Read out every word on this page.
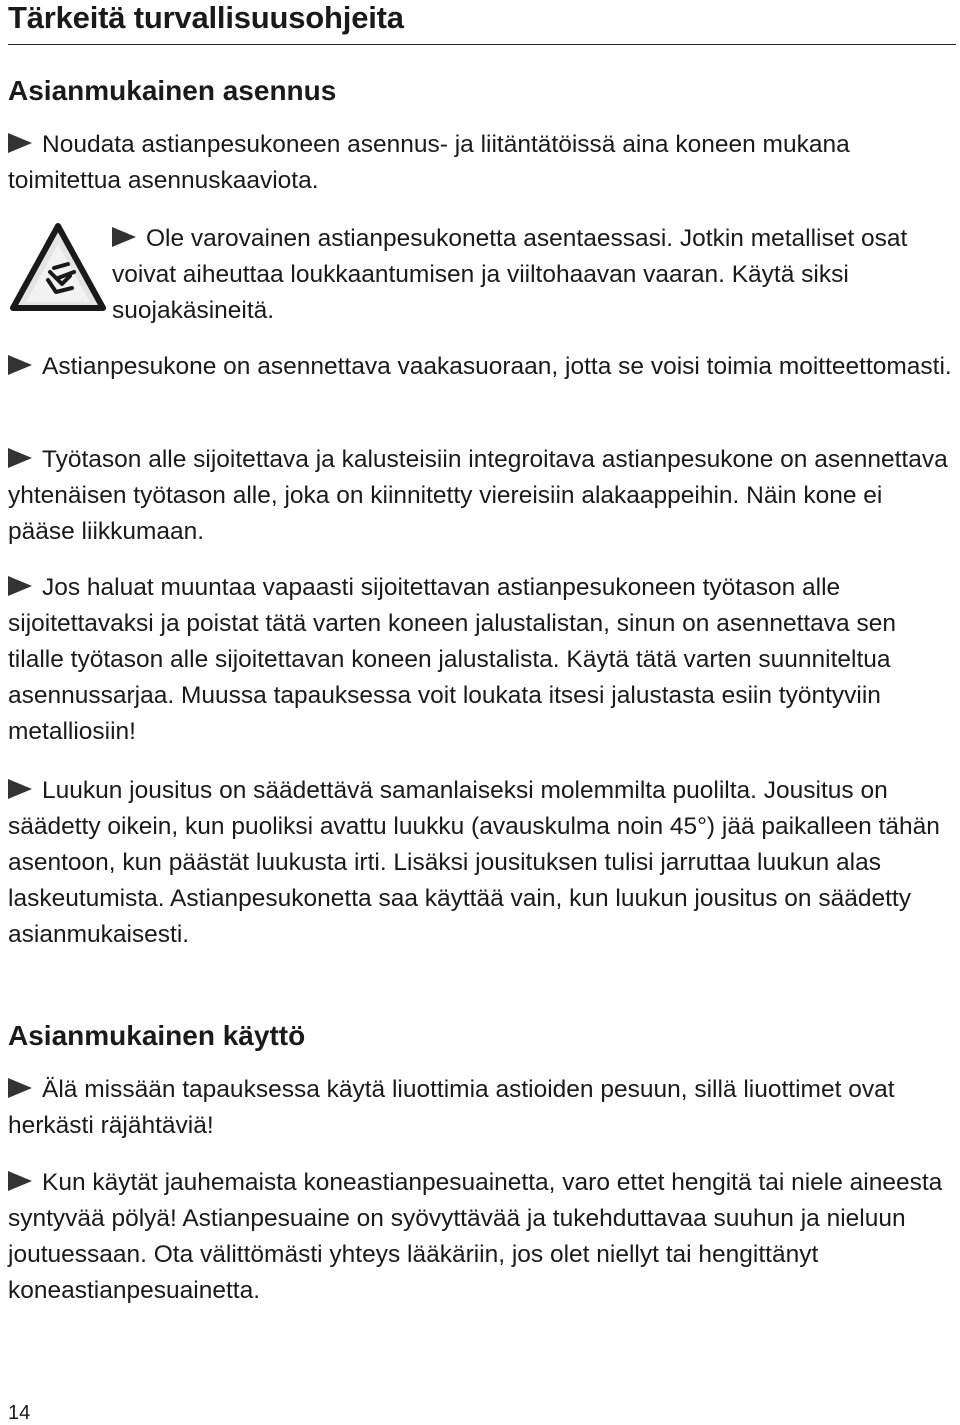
Tärkeitä turvallisuusohjeita
Asianmukainen asennus

Noudata astianpesukoneen asennus- ja liitäntätöissä aina koneen mukana toimitettua asennuskaaviota.

Ole varovainen astianpesukonetta asentaessasi. Jotkin metalliset osat voivat aiheuttaa loukkaantumisen ja viiltohaavan vaaran. Käytä siksi suojakäsineitä.

Astianpesukone on asennettava vaakasuoraan, jotta se voisi toimia moitteettomasti.

Työtason alle sijoitettava ja kalusteisiin integroitava astianpesukone on asennettava yhtenäisen työtason alle, joka on kiinnitetty viereisiin alakaappeihin. Näin kone ei pääse liikkumaan.

Jos haluat muuntaa vapaasti sijoitettavan astianpesukoneen työtason alle sijoitettavaksi ja poistat tätä varten koneen jalustalistan, sinun on asennettava sen tilalle työtason alle sijoitettavan koneen jalustalista. Käytä tätä varten suunniteltua asennussarjaa. Muussa tapauksessa voit loukata itsesi jalustasta esiin työntyviin metalliosiin!

Luukun jousitus on säädettävä samanlaiseksi molemmilta puolilta. Jousitus on säädetty oikein, kun puoliksi avattu luukku (avauskulma noin 45°) jää paikalleen tähän asentoon, kun päästät luukusta irti. Lisäksi jousituksen tulisi jarruttaa luukun alas laskeutumista. Astianpesukonetta saa käyttää vain, kun luukun jousitus on säädetty asianmukaisesti.

Asianmukainen käyttö

Älä missään tapauksessa käytä liuottimia astioiden pesuun, sillä liuottimet ovat herkästi räjähtäviä!

Kun käytät jauhemaista koneastianpesuainetta, varo ettet hengitä tai niele aineesta syntyvää pölyä! Astianpesuaine on syövyttävää ja tukehduttavaa suuhun ja nieluun joutuessaan. Ota välittömästi yhteys lääkäriin, jos olet niellyt tai hengittänyt koneastianpesuainetta.

14
